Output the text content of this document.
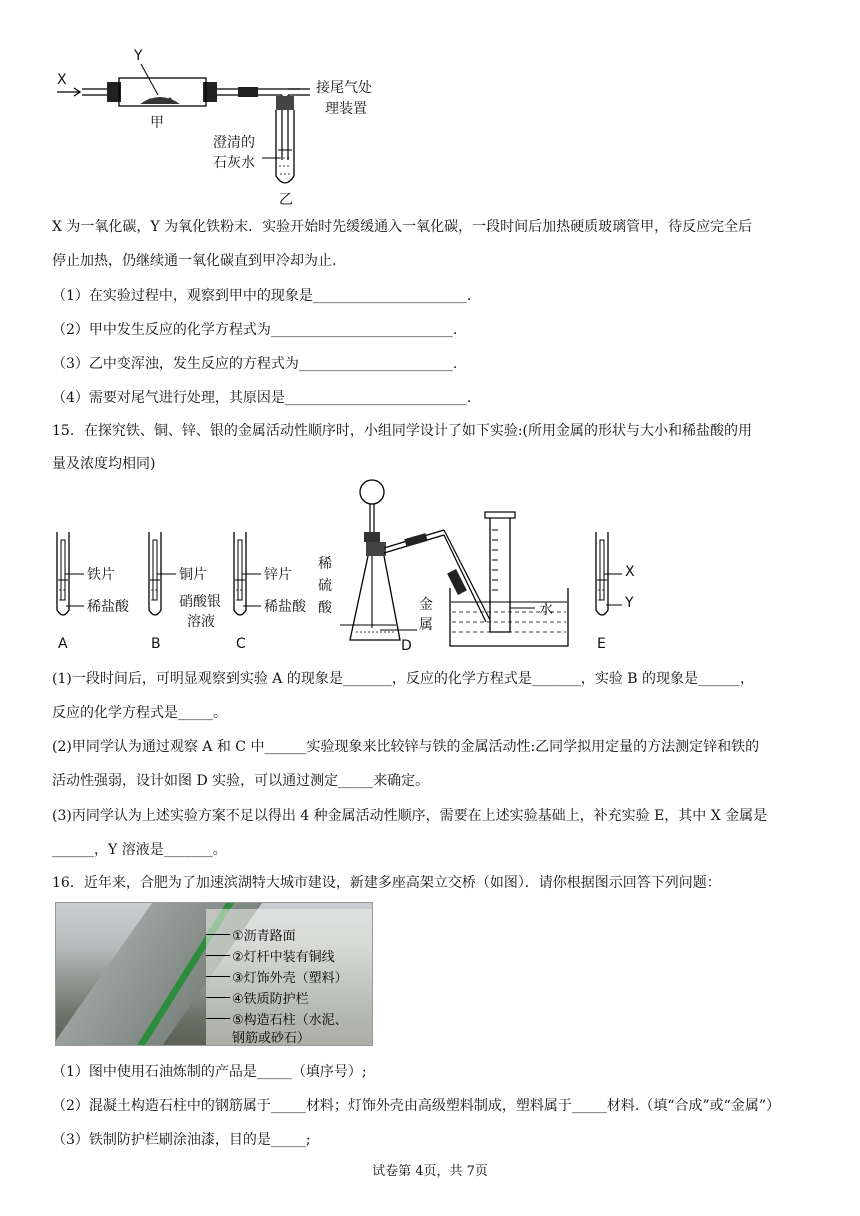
X
Y
甲
乙
接尾气处
理装置
澄清的
石灰水
X 为一氧化碳，Y 为氧化铁粉末．实验开始时先缓缓通入一氧化碳，一段时间后加热硬质玻璃管甲，待反应完全后
停止加热，仍继续通一氧化碳直到甲冷却为止.
（1）在实验过程中，观察到甲中的现象是______________________.
（2）甲中发生反应的化学方程式为__________________________.
（3）乙中变浑浊，发生反应的方程式为______________________.
（4）需要对尾气进行处理，其原因是__________________________.
15．在探究铁、铜、锌、银的金属活动性顺序时，小组同学设计了如下实验:(所用金属的形状与大小和稀盐酸的用
量及浓度均相同)
铁片
稀盐酸
A
铜片
硝酸银
溶液
B
锌片
稀盐酸
C
稀
硫
酸	金
属
水
D
X
Y
E
(1)一段时间后，可明显观察到实验 A 的现象是_______，反应的化学方程式是_______，实验 B 的现象是______，
反应的化学方程式是_____。
(2)甲同学认为通过观察 A 和 C 中______实验现象来比较锌与铁的金属活动性:乙同学拟用定量的方法测定锌和铁的
活动性强弱，设计如图 D 实验，可以通过测定_____来确定。
(3)丙同学认为上述实验方案不足以得出 4 种金属活动性顺序，需要在上述实验基础上，补充实验 E，其中 X 金属是
______，Y 溶液是_______。
16．近年来，合肥为了加速滨湖特大城市建设，新建多座高架立交桥（如图）．请你根据图示回答下列问题：
①沥青路面
②灯杆中装有铜线
③灯饰外壳（塑料）
④铁质防护栏
⑤构造石柱（水泥、
钢筋或砂石）
（1）图中使用石油炼制的产品是_____（填序号）;
（2）混凝土构造石柱中的钢筋属于_____材料；灯饰外壳由高级塑料制成，塑料属于_____材料.（填“合成”或“金属”）
（3）铁制防护栏刷涂油漆，目的是_____;
试卷第 4页，共 7页
